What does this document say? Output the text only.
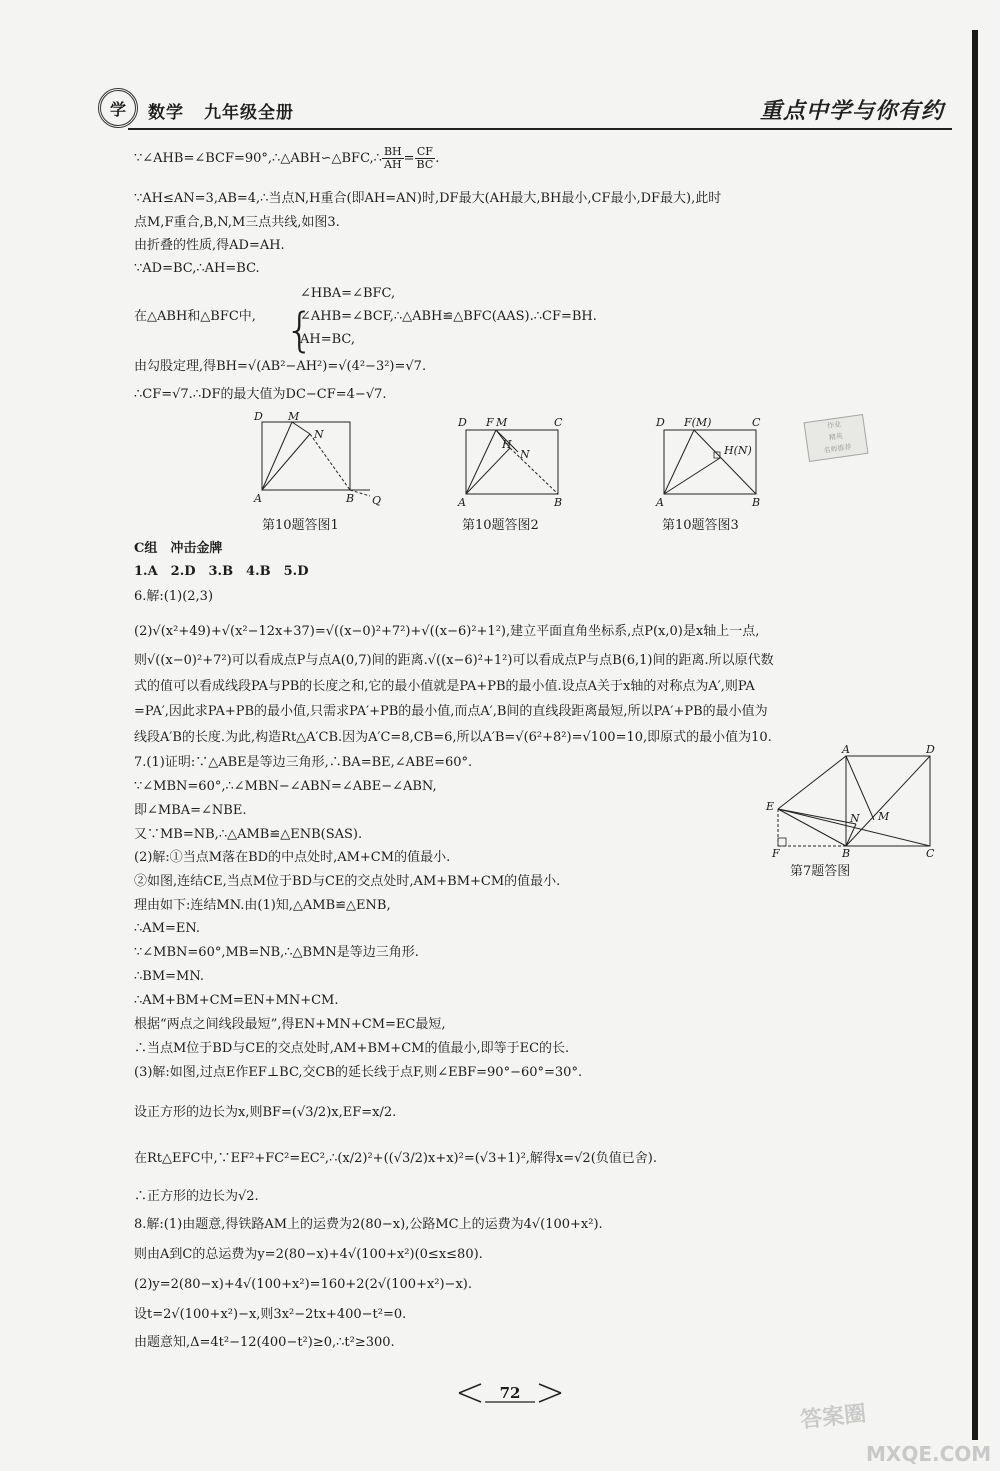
学 数学 九年级全册	重点中学与你有约
∵∠AHB=∠BCF=90°,∴△ABH∽△BFC,∴ $\frac{BH}{AH} = \frac{CF}{BC}$ .
∵AH≤AN=3,AB=4,∴当点N,H重合(即AH=AN)时,DF最大(AH最大,BH最小,CF最小,DF最大),此时
点M,F重合,B,N,M三点共线,如图3.
由折叠的性质,得AD=AH.
∵AD=BC,∴AH=BC.
∠HBA=∠BFC,
{
在△ABH和△BFC中,	∠AHB=∠BCF,∴△ABH≌△BFC(AAS).∴CF=BH.
AH=BC,
由勾股定理,得BH=√(AB²−AH²)=√(4²−3²)=√7.
∴CF=√7.∴DF的最大值为DC−CF=4−√7.
D M
N
A	B Q
第10题答图1
D F M	C
H
N
A	B
第10题答图2
D F(M)	C
H(N)
A	B
第10题答图3
作业
精英
名师推荐
C组　冲击金牌
1.A　2.D　3.B　4.B　5.D
6.解:(1)(2,3)
(2)√(x²+49)+√(x²−12x+37)=√((x−0)²+7²)+√((x−6)²+1²),建立平面直角坐标系,点P(x,0)是x轴上一点,
则√((x−0)²+7²)可以看成点P与点A(0,7)间的距离.√((x−6)²+1²)可以看成点P与点B(6,1)间的距离.所以原代数
式的值可以看成线段PA与PB的长度之和,它的最小值就是PA+PB的最小值.设点A关于x轴的对称点为A′,则PA
=PA′,因此求PA+PB的最小值,只需求PA′+PB的最小值,而点A′,B间的直线段距离最短,所以PA′+PB的最小值为
线段A′B的长度.为此,构造Rt△A′CB.因为A′C=8,CB=6,所以A′B=√(6²+8²)=√100=10,即原式的最小值为10.
7.(1)证明:∵△ABE是等边三角形,∴BA=BE,∠ABE=60°.
∵∠MBN=60°,∴∠MBN−∠ABN=∠ABE−∠ABN,
即∠MBA=∠NBE.
又∵MB=NB,∴△AMB≌△ENB(SAS).
(2)解:①当点M落在BD的中点处时,AM+CM的值最小.
②如图,连结CE,当点M位于BD与CE的交点处时,AM+BM+CM的值最小.
理由如下:连结MN.由(1)知,△AMB≌△ENB,
∴AM=EN.
∵∠MBN=60°,MB=NB,∴△BMN是等边三角形.
∴BM=MN.
∴AM+BM+CM=EN+MN+CM.
根据“两点之间线段最短”,得EN+MN+CM=EC最短,
∴当点M位于BD与CE的交点处时,AM+BM+CM的值最小,即等于EC的长.
(3)解:如图,过点E作EF⊥BC,交CB的延长线于点F,则∠EBF=90°−60°=30°.
设正方形的边长为x,则BF=(√3/2)x,EF=x/2.
在Rt△EFC中,∵EF²+FC²=EC²,∴(x/2)²+((√3/2)x+x)²=(√3+1)²,解得x=√2(负值已舍).
∴正方形的边长为√2.
A	D
E
N M
F	B	C
第7题答图
8.解:(1)由题意,得铁路AM上的运费为2(80−x),公路MC上的运费为4√(100+x²).
则由A到C的总运费为y=2(80−x)+4√(100+x²)(0≤x≤80).
(2)y=2(80−x)+4√(100+x²)=160+2(2√(100+x²)−x).
设t=2√(100+x²)−x,则3x²−2tx+400−t²=0.
由题意知,Δ=4t²−12(400−t²)≥0,∴t²≥300.
72
答案圈
MXQE.COM
